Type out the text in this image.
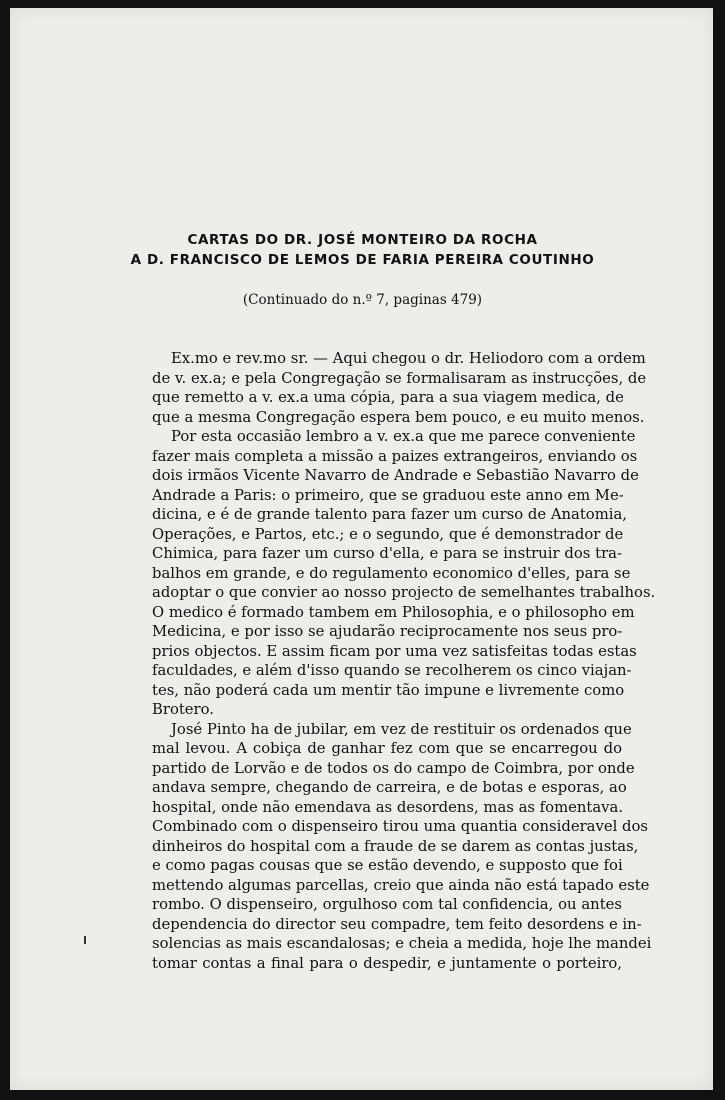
CARTAS DO DR. JOSÉ MONTEIRO DA ROCHA
A D. FRANCISCO DE LEMOS DE FARIA PEREIRA COUTINHO
(Continuado do n.º 7, paginas 479)
Ex.mo e rev.mo sr. — Aqui chegou o dr. Heliodoro com a ordem
de v. ex.a; e pela Congregação se formalisaram as instrucções, de
que remetto a v. ex.a uma cópia, para a sua viagem medica, de
que a mesma Congregação espera bem pouco, e eu muito menos.
Por esta occasião lembro a v. ex.a que me parece conveniente
fazer mais completa a missão a paizes extrangeiros, enviando os
dois irmãos Vicente Navarro de Andrade e Sebastião Navarro de
Andrade a Paris: o primeiro, que se graduou este anno em Me-
dicina, e é de grande talento para fazer um curso de Anatomia,
Operações, e Partos, etc.; e o segundo, que é demonstrador de
Chimica, para fazer um curso d'ella, e para se instruir dos tra-
balhos em grande, e do regulamento economico d'elles, para se
adoptar o que convier ao nosso projecto de semelhantes trabalhos.
O medico é formado tambem em Philosophia, e o philosopho em
Medicina, e por isso se ajudarão reciprocamente nos seus pro-
prios objectos. E assim ficam por uma vez satisfeitas todas estas
faculdades, e além d'isso quando se recolherem os cinco viajan-
tes, não poderá cada um mentir tão impune e livremente como
Brotero.
José Pinto ha de jubilar, em vez de restituir os ordenados que
mal levou. A cobiça de ganhar fez com que se encarregou do
partido de Lorvão e de todos os do campo de Coimbra, por onde
andava sempre, chegando de carreira, e de botas e esporas, ao
hospital, onde não emendava as desordens, mas as fomentava.
Combinado com o dispenseiro tirou uma quantia consideravel dos
dinheiros do hospital com a fraude de se darem as contas justas,
e como pagas cousas que se estão devendo, e supposto que foi
mettendo algumas parcellas, creio que ainda não está tapado este
rombo. O dispenseiro, orgulhoso com tal confidencia, ou antes
dependencia do director seu compadre, tem feito desordens e in-
solencias as mais escandalosas; e cheia a medida, hoje lhe mandei
tomar contas a final para o despedir, e juntamente o porteiro,
